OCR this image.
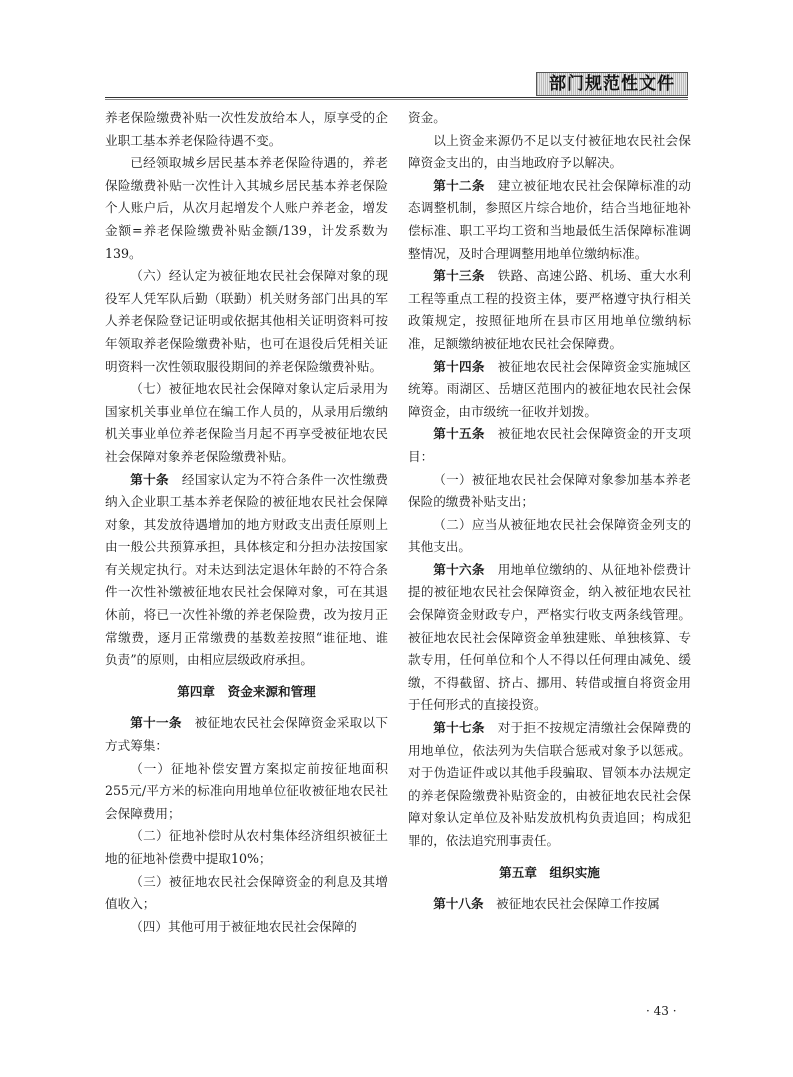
部门规范性文件

养老保险缴费补贴一次性发放给本人，原享受的企业职工基本养老保险待遇不变。

已经领取城乡居民基本养老保险待遇的，养老保险缴费补贴一次性计入其城乡居民基本养老保险个人账户后，从次月起增发个人账户养老金，增发金额=养老保险缴费补贴金额/139，计发系数为139。

（六）经认定为被征地农民社会保障对象的现役军人凭军队后勤（联勤）机关财务部门出具的军人养老保险登记证明或依据其他相关证明资料可按年领取养老保险缴费补贴，也可在退役后凭相关证明资料一次性领取服役期间的养老保险缴费补贴。

（七）被征地农民社会保障对象认定后录用为国家机关事业单位在编工作人员的，从录用后缴纳机关事业单位养老保险当月起不再享受被征地农民社会保障对象养老保险缴费补贴。

第十条　 经国家认定为不符合条件一次性缴费纳入企业职工基本养老保险的被征地农民社会保障对象，其发放待遇增加的地方财政支出责任原则上由一般公共预算承担，具体核定和分担办法按国家有关规定执行。对未达到法定退休年龄的不符合条件一次性补缴被征地农民社会保障对象，可在其退休前，将已一次性补缴的养老保险费，改为按月正常缴费，逐月正常缴费的基数差按照“谁征地、谁负责”的原则，由相应层级政府承担。

第四章　资金来源和管理

第十一条　 被征地农民社会保障资金采取以下方式筹集：

（一）征地补偿安置方案拟定前按征地面积255元/平方米的标准向用地单位征收被征地农民社会保障费用；

（二）征地补偿时从农村集体经济组织被征土地的征地补偿费中提取10%；

（三）被征地农民社会保障资金的利息及其增值收入；

（四）其他可用于被征地农民社会保障的

资金。

以上资金来源仍不足以支付被征地农民社会保障资金支出的，由当地政府予以解决。

第十二条　 建立被征地农民社会保障标准的动态调整机制，参照区片综合地价，结合当地征地补偿标准、职工平均工资和当地最低生活保障标准调整情况，及时合理调整用地单位缴纳标准。

第十三条　 铁路、高速公路、机场、重大水利工程等重点工程的投资主体，要严格遵守执行相关政策规定，按照征地所在县市区用地单位缴纳标准，足额缴纳被征地农民社会保障费。

第十四条　 被征地农民社会保障资金实施城区统筹。雨湖区、岳塘区范围内的被征地农民社会保障资金，由市级统一征收并划拨。

第十五条　 被征地农民社会保障资金的开支项目：

（一）被征地农民社会保障对象参加基本养老保险的缴费补贴支出；

（二）应当从被征地农民社会保障资金列支的其他支出。

第十六条　 用地单位缴纳的、从征地补偿费计提的被征地农民社会保障资金，纳入被征地农民社会保障资金财政专户，严格实行收支两条线管理。被征地农民社会保障资金单独建账、单独核算、专款专用，任何单位和个人不得以任何理由减免、缓缴，不得截留、挤占、挪用、转借或擅自将资金用于任何形式的直接投资。

第十七条　 对于拒不按规定清缴社会保障费的用地单位，依法列为失信联合惩戒对象予以惩戒。对于伪造证件或以其他手段骗取、冒领本办法规定的养老保险缴费补贴资金的，由被征地农民社会保障对象认定单位及补贴发放机构负责追回；构成犯罪的，依法追究刑事责任。

第五章　组织实施

第十八条　 被征地农民社会保障工作按属

· 43 ·
